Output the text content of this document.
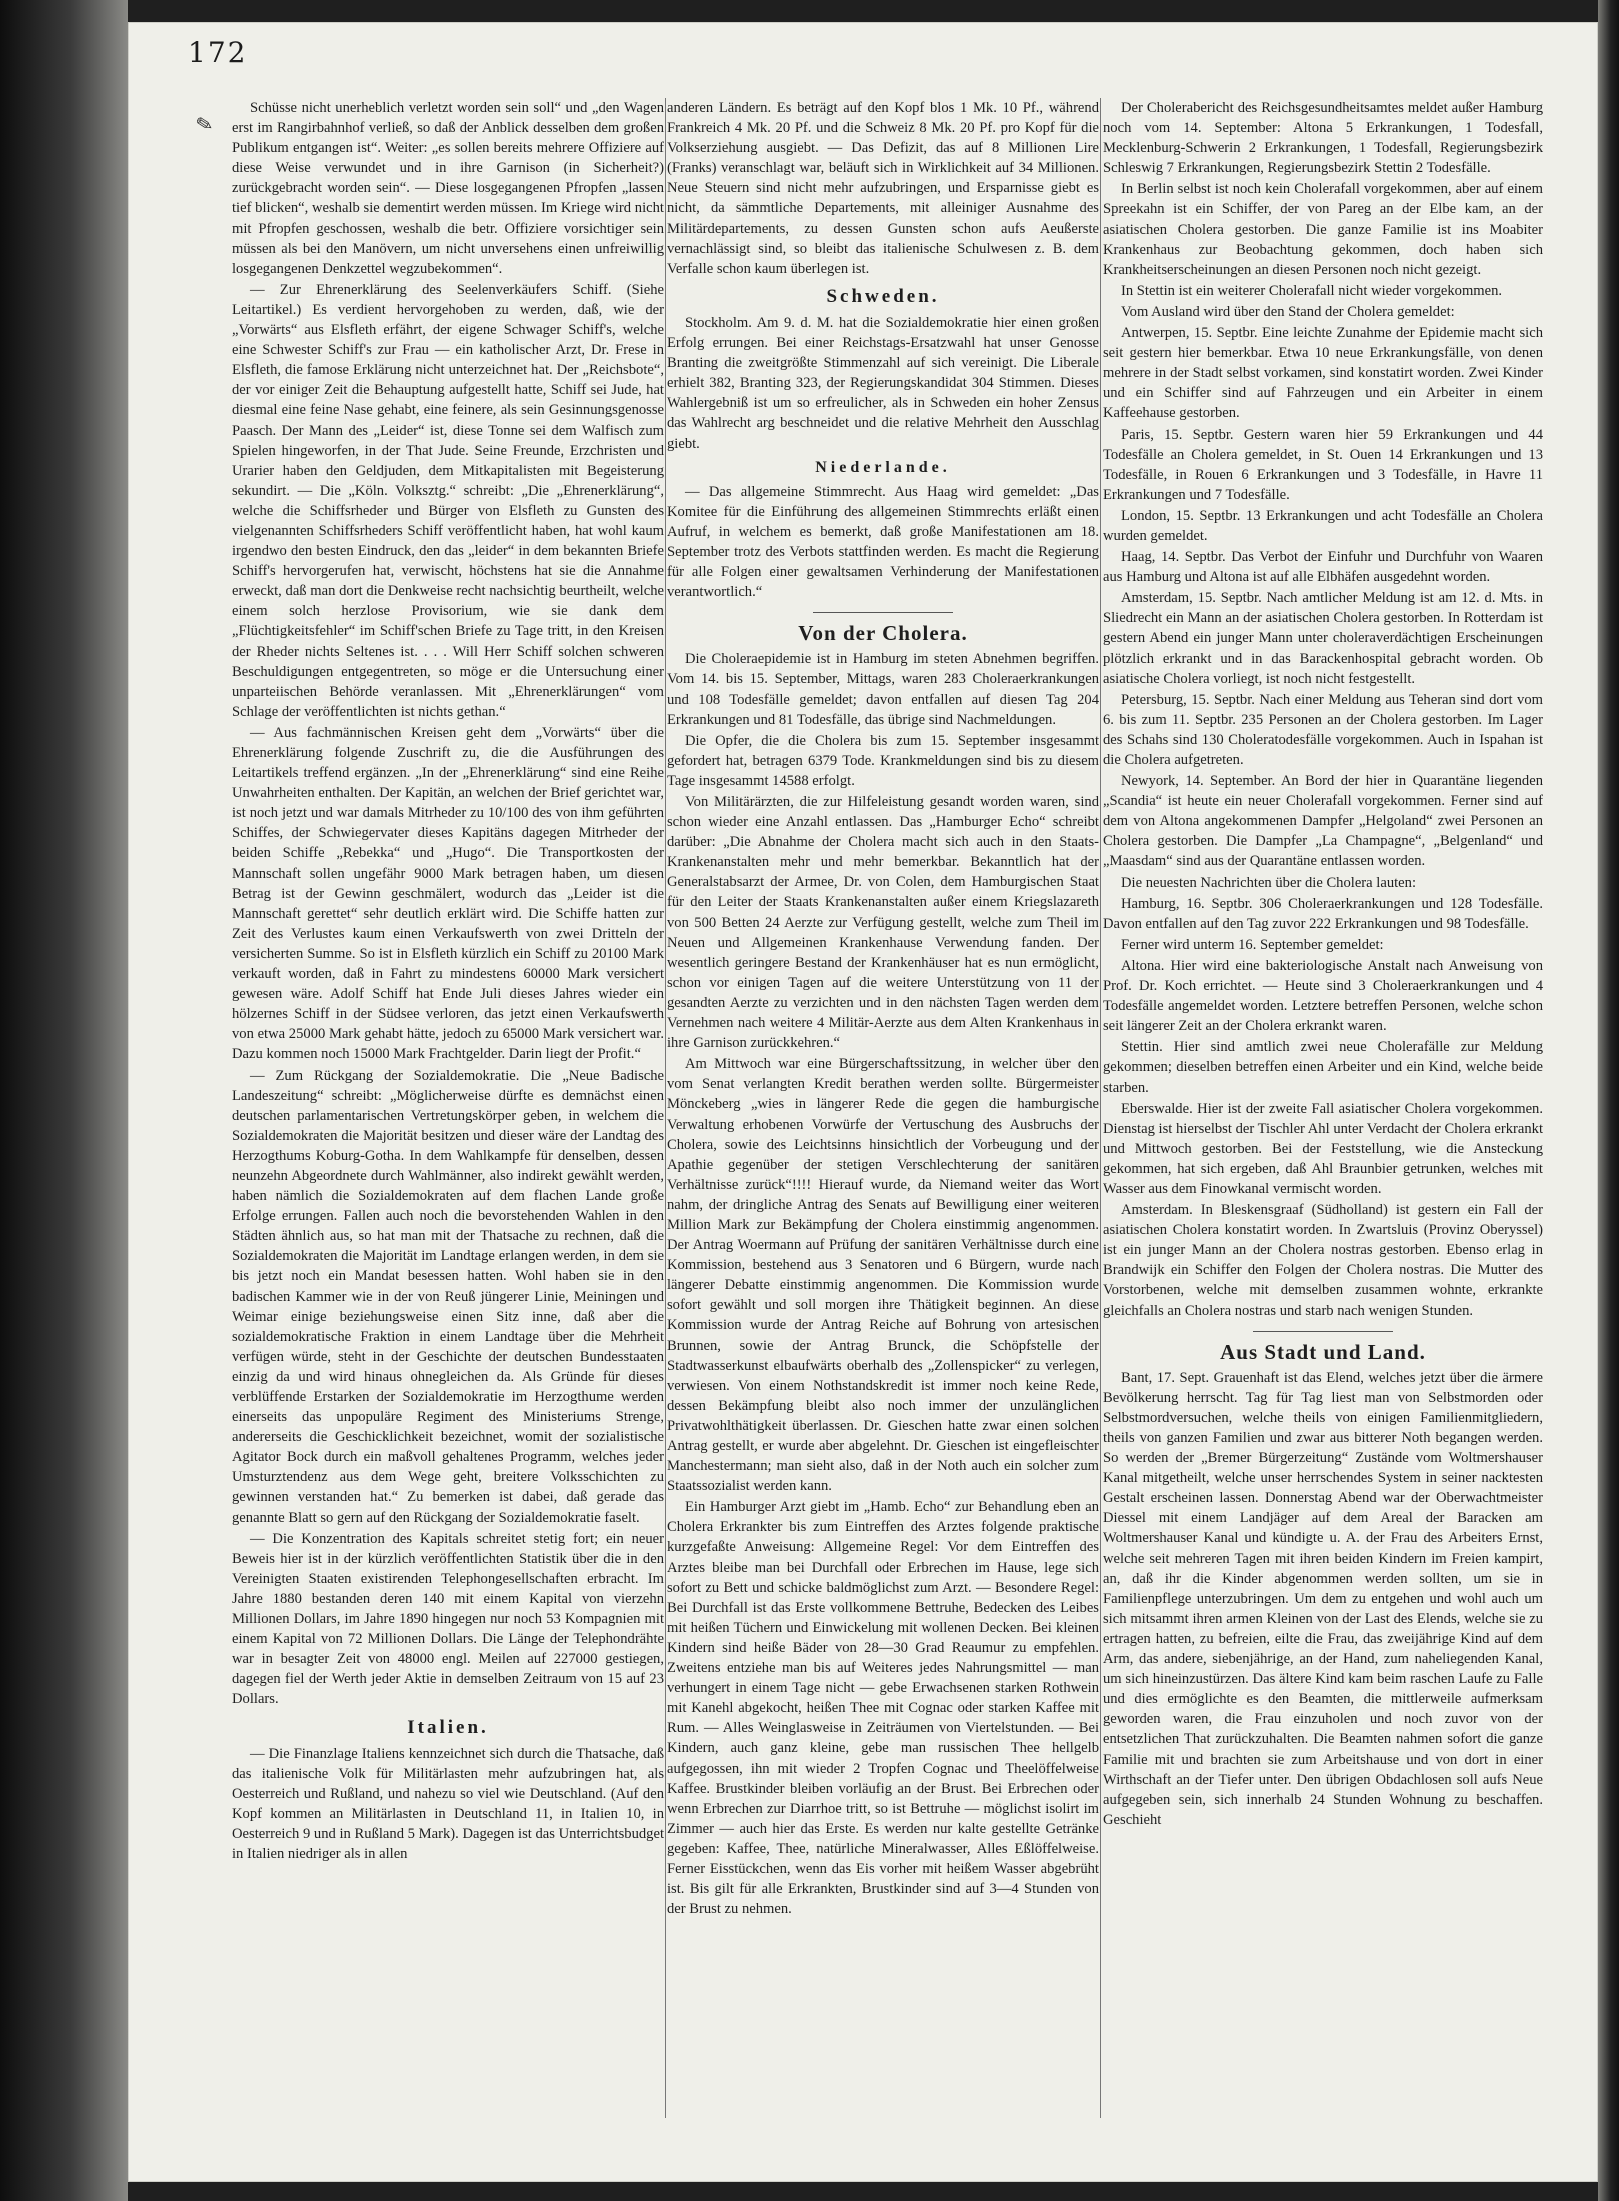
✎
172

Schüsse nicht unerheblich verletzt worden sein soll“ und „den Wagen erst im Rangirbahnhof verließ, so daß der Anblick desselben dem großen Publikum entgangen ist“. Weiter: „es sollen bereits mehrere Offiziere auf diese Weise verwundet und in ihre Garnison (in Sicherheit?) zurückgebracht worden sein“. — Diese losgegangenen Pfropfen „lassen tief blicken“, weshalb sie dementirt werden müssen. Im Kriege wird nicht mit Pfropfen geschossen, weshalb die betr. Offiziere vorsichtiger sein müssen als bei den Manövern, um nicht unversehens einen unfreiwillig losgegangenen Denkzettel wegzubekommen“.

— Zur Ehrenerklärung des Seelenverkäufers Schiff. (Siehe Leitartikel.) Es verdient hervorgehoben zu werden, daß, wie der „Vorwärts“ aus Elsfleth erfährt, der eigene Schwager Schiff's, welche eine Schwester Schiff's zur Frau — ein katholischer Arzt, Dr. Frese in Elsfleth, die famose Erklärung nicht unterzeichnet hat. Der „Reichsbote“, der vor einiger Zeit die Behauptung aufgestellt hatte, Schiff sei Jude, hat diesmal eine feine Nase gehabt, eine feinere, als sein Gesinnungsgenosse Paasch. Der Mann des „Leider“ ist, diese Tonne sei dem Walfisch zum Spielen hingeworfen, in der That Jude. Seine Freunde, Erzchristen und Urarier haben den Geldjuden, dem Mitkapitalisten mit Begeisterung sekundirt. — Die „Köln. Volksztg.“ schreibt: „Die „Ehrenerklärung“, welche die Schiffsrheder und Bürger von Elsfleth zu Gunsten des vielgenannten Schiffsrheders Schiff veröffentlicht haben, hat wohl kaum irgendwo den besten Eindruck, den das „leider“ in dem bekannten Briefe Schiff's hervorgerufen hat, verwischt, höchstens hat sie die Annahme erweckt, daß man dort die Denkweise recht nachsichtig beurtheilt, welche einem solch herzlose Provisorium, wie sie dank dem „Flüchtigkeitsfehler“ im Schiff'schen Briefe zu Tage tritt, in den Kreisen der Rheder nichts Seltenes ist. . . . Will Herr Schiff solchen schweren Beschuldigungen entgegentreten, so möge er die Untersuchung einer unparteiischen Behörde veranlassen. Mit „Ehrenerklärungen“ vom Schlage der veröffentlichten ist nichts gethan.“

— Aus fachmännischen Kreisen geht dem „Vorwärts“ über die Ehrenerklärung folgende Zuschrift zu, die die Ausführungen des Leitartikels treffend ergänzen. „In der „Ehrenerklärung“ sind eine Reihe Unwahrheiten enthalten. Der Kapitän, an welchen der Brief gerichtet war, ist noch jetzt und war damals Mitrheder zu 10/100 des von ihm geführten Schiffes, der Schwiegervater dieses Kapitäns dagegen Mitrheder der beiden Schiffe „Rebekka“ und „Hugo“. Die Transportkosten der Mannschaft sollen ungefähr 9000 Mark betragen haben, um diesen Betrag ist der Gewinn geschmälert, wodurch das „Leider ist die Mannschaft gerettet“ sehr deutlich erklärt wird. Die Schiffe hatten zur Zeit des Verlustes kaum einen Verkaufswerth von zwei Dritteln der versicherten Summe. So ist in Elsfleth kürzlich ein Schiff zu 20100 Mark verkauft worden, daß in Fahrt zu mindestens 60000 Mark versichert gewesen wäre. Adolf Schiff hat Ende Juli dieses Jahres wieder ein hölzernes Schiff in der Südsee verloren, das jetzt einen Verkaufswerth von etwa 25000 Mark gehabt hätte, jedoch zu 65000 Mark versichert war. Dazu kommen noch 15000 Mark Frachtgelder. Darin liegt der Profit.“

— Zum Rückgang der Sozialdemokratie. Die „Neue Badische Landeszeitung“ schreibt: „Möglicherweise dürfte es demnächst einen deutschen parlamentarischen Vertretungskörper geben, in welchem die Sozialdemokraten die Majorität besitzen und dieser wäre der Landtag des Herzogthums Koburg-Gotha. In dem Wahlkampfe für denselben, dessen neunzehn Abgeordnete durch Wahlmänner, also indirekt gewählt werden, haben nämlich die Sozialdemokraten auf dem flachen Lande große Erfolge errungen. Fallen auch noch die bevorstehenden Wahlen in den Städten ähnlich aus, so hat man mit der Thatsache zu rechnen, daß die Sozialdemokraten die Majorität im Landtage erlangen werden, in dem sie bis jetzt noch ein Mandat besessen hatten. Wohl haben sie in den badischen Kammer wie in der von Reuß jüngerer Linie, Meiningen und Weimar einige beziehungsweise einen Sitz inne, daß aber die sozialdemokratische Fraktion in einem Landtage über die Mehrheit verfügen würde, steht in der Geschichte der deutschen Bundesstaaten einzig da und wird hinaus ohnegleichen da. Als Gründe für dieses verblüffende Erstarken der Sozialdemokratie im Herzogthume werden einerseits das unpopuläre Regiment des Ministeriums Strenge, andererseits die Geschicklichkeit bezeichnet, womit der sozialistische Agitator Bock durch ein maßvoll gehaltenes Programm, welches jeder Umsturztendenz aus dem Wege geht, breitere Volksschichten zu gewinnen verstanden hat.“ Zu bemerken ist dabei, daß gerade das genannte Blatt so gern auf den Rückgang der Sozialdemokratie faselt.

— Die Konzentration des Kapitals schreitet stetig fort; ein neuer Beweis hier ist in der kürzlich veröffentlichten Statistik über die in den Vereinigten Staaten existirenden Telephongesellschaften erbracht. Im Jahre 1880 bestanden deren 140 mit einem Kapital von vierzehn Millionen Dollars, im Jahre 1890 hingegen nur noch 53 Kompagnien mit einem Kapital von 72 Millionen Dollars. Die Länge der Telephondrähte war in besagter Zeit von 48000 engl. Meilen auf 227000 gestiegen, dagegen fiel der Werth jeder Aktie in demselben Zeitraum von 15 auf 23 Dollars.

Italien.

— Die Finanzlage Italiens kennzeichnet sich durch die Thatsache, daß das italienische Volk für Militärlasten mehr aufzubringen hat, als Oesterreich und Rußland, und nahezu so viel wie Deutschland. (Auf den Kopf kommen an Militärlasten in Deutschland 11, in Italien 10, in Oesterreich 9 und in Rußland 5 Mark). Dagegen ist das Unterrichtsbudget in Italien niedriger als in allen

anderen Ländern. Es beträgt auf den Kopf blos 1 Mk. 10 Pf., während Frankreich 4 Mk. 20 Pf. und die Schweiz 8 Mk. 20 Pf. pro Kopf für die Volkserziehung ausgiebt. — Das Defizit, das auf 8 Millionen Lire (Franks) veranschlagt war, beläuft sich in Wirklichkeit auf 34 Millionen. Neue Steuern sind nicht mehr aufzubringen, und Ersparnisse giebt es nicht, da sämmtliche Departements, mit alleiniger Ausnahme des Militärdepartements, zu dessen Gunsten schon aufs Aeußerste vernachlässigt sind, so bleibt das italienische Schulwesen z. B. dem Verfalle schon kaum überlegen ist.

Schweden.

Stockholm. Am 9. d. M. hat die Sozialdemokratie hier einen großen Erfolg errungen. Bei einer Reichstags-Ersatzwahl hat unser Genosse Branting die zweitgrößte Stimmenzahl auf sich vereinigt. Die Liberale erhielt 382, Branting 323, der Regierungskandidat 304 Stimmen. Dieses Wahlergebniß ist um so erfreulicher, als in Schweden ein hoher Zensus das Wahlrecht arg beschneidet und die relative Mehrheit den Ausschlag giebt.

Niederlande.

— Das allgemeine Stimmrecht. Aus Haag wird gemeldet: „Das Komitee für die Einführung des allgemeinen Stimmrechts erläßt einen Aufruf, in welchem es bemerkt, daß große Manifestationen am 18. September trotz des Verbots stattfinden werden. Es macht die Regierung für alle Folgen einer gewaltsamen Verhinderung der Manifestationen verantwortlich.“

Von der Cholera.

Die Choleraepidemie ist in Hamburg im steten Abnehmen begriffen. Vom 14. bis 15. September, Mittags, waren 283 Choleraerkrankungen und 108 Todesfälle gemeldet; davon entfallen auf diesen Tag 204 Erkrankungen und 81 Todesfälle, das übrige sind Nachmeldungen.

Die Opfer, die die Cholera bis zum 15. September insgesammt gefordert hat, betragen 6379 Tode. Krankmeldungen sind bis zu diesem Tage insgesammt 14588 erfolgt.

Von Militärärzten, die zur Hilfeleistung gesandt worden waren, sind schon wieder eine Anzahl entlassen. Das „Hamburger Echo“ schreibt darüber: „Die Abnahme der Cholera macht sich auch in den Staats-Krankenanstalten mehr und mehr bemerkbar. Bekanntlich hat der Generalstabsarzt der Armee, Dr. von Colen, dem Hamburgischen Staat für den Leiter der Staats Krankenanstalten außer einem Kriegslazareth von 500 Betten 24 Aerzte zur Verfügung gestellt, welche zum Theil im Neuen und Allgemeinen Krankenhause Verwendung fanden. Der wesentlich geringere Bestand der Krankenhäuser hat es nun ermöglicht, schon vor einigen Tagen auf die weitere Unterstützung von 11 der gesandten Aerzte zu verzichten und in den nächsten Tagen werden dem Vernehmen nach weitere 4 Militär-Aerzte aus dem Alten Krankenhaus in ihre Garnison zurückkehren.“

Am Mittwoch war eine Bürgerschaftssitzung, in welcher über den vom Senat verlangten Kredit berathen werden sollte. Bürgermeister Mönckeberg „wies in längerer Rede die gegen die hamburgische Verwaltung erhobenen Vorwürfe der Vertuschung des Ausbruchs der Cholera, sowie des Leichtsinns hinsichtlich der Vorbeugung und der Apathie gegenüber der stetigen Verschlechterung der sanitären Verhältnisse zurück“!!!! Hierauf wurde, da Niemand weiter das Wort nahm, der dringliche Antrag des Senats auf Bewilligung einer weiteren Million Mark zur Bekämpfung der Cholera einstimmig angenommen. Der Antrag Woermann auf Prüfung der sanitären Verhältnisse durch eine Kommission, bestehend aus 3 Senatoren und 6 Bürgern, wurde nach längerer Debatte einstimmig angenommen. Die Kommission wurde sofort gewählt und soll morgen ihre Thätigkeit beginnen. An diese Kommission wurde der Antrag Reiche auf Bohrung von artesischen Brunnen, sowie der Antrag Brunck, die Schöpfstelle der Stadtwasserkunst elbaufwärts oberhalb des „Zollenspicker“ zu verlegen, verwiesen. Von einem Nothstandskredit ist immer noch keine Rede, dessen Bekämpfung bleibt also noch immer der unzulänglichen Privatwohlthätigkeit überlassen. Dr. Gieschen hatte zwar einen solchen Antrag gestellt, er wurde aber abgelehnt. Dr. Gieschen ist eingefleischter Manchestermann; man sieht also, daß in der Noth auch ein solcher zum Staatssozialist werden kann.

Ein Hamburger Arzt giebt im „Hamb. Echo“ zur Behandlung eben an Cholera Erkrankter bis zum Eintreffen des Arztes folgende praktische kurzgefaßte Anweisung: Allgemeine Regel: Vor dem Eintreffen des Arztes bleibe man bei Durchfall oder Erbrechen im Hause, lege sich sofort zu Bett und schicke baldmöglichst zum Arzt. — Besondere Regel: Bei Durchfall ist das Erste vollkommene Bettruhe, Bedecken des Leibes mit heißen Tüchern und Einwickelung mit wollenen Decken. Bei kleinen Kindern sind heiße Bäder von 28—30 Grad Reaumur zu empfehlen. Zweitens entziehe man bis auf Weiteres jedes Nahrungsmittel — man verhungert in einem Tage nicht — gebe Erwachsenen starken Rothwein mit Kanehl abgekocht, heißen Thee mit Cognac oder starken Kaffee mit Rum. — Alles Weinglasweise in Zeiträumen von Viertelstunden. — Bei Kindern, auch ganz kleine, gebe man russischen Thee hellgelb aufgegossen, ihn mit wieder 2 Tropfen Cognac und Theelöffelweise Kaffee. Brustkinder bleiben vorläufig an der Brust. Bei Erbrechen oder wenn Erbrechen zur Diarrhoe tritt, so ist Bettruhe — möglichst isolirt im Zimmer — auch hier das Erste. Es werden nur kalte gestellte Getränke gegeben: Kaffee, Thee, natürliche Mineralwasser, Alles Eßlöffelweise. Ferner Eisstückchen, wenn das Eis vorher mit heißem Wasser abgebrüht ist. Bis gilt für alle Erkrankten, Brustkinder sind auf 3—4 Stunden von der Brust zu nehmen.

Der Cholerabericht des Reichsgesundheitsamtes meldet außer Hamburg noch vom 14. September: Altona 5 Erkrankungen, 1 Todesfall, Mecklenburg-Schwerin 2 Erkrankungen, 1 Todesfall, Regierungsbezirk Schleswig 7 Erkrankungen, Regierungsbezirk Stettin 2 Todesfälle.

In Berlin selbst ist noch kein Cholerafall vorgekommen, aber auf einem Spreekahn ist ein Schiffer, der von Pareg an der Elbe kam, an der asiatischen Cholera gestorben. Die ganze Familie ist ins Moabiter Krankenhaus zur Beobachtung gekommen, doch haben sich Krankheitserscheinungen an diesen Personen noch nicht gezeigt.

In Stettin ist ein weiterer Cholerafall nicht wieder vorgekommen.

Vom Ausland wird über den Stand der Cholera gemeldet:

Antwerpen, 15. Septbr. Eine leichte Zunahme der Epidemie macht sich seit gestern hier bemerkbar. Etwa 10 neue Erkrankungsfälle, von denen mehrere in der Stadt selbst vorkamen, sind konstatirt worden. Zwei Kinder und ein Schiffer sind auf Fahrzeugen und ein Arbeiter in einem Kaffeehause gestorben.

Paris, 15. Septbr. Gestern waren hier 59 Erkrankungen und 44 Todesfälle an Cholera gemeldet, in St. Ouen 14 Erkrankungen und 13 Todesfälle, in Rouen 6 Erkrankungen und 3 Todesfälle, in Havre 11 Erkrankungen und 7 Todesfälle.

London, 15. Septbr. 13 Erkrankungen und acht Todesfälle an Cholera wurden gemeldet.

Haag, 14. Septbr. Das Verbot der Einfuhr und Durchfuhr von Waaren aus Hamburg und Altona ist auf alle Elbhäfen ausgedehnt worden.

Amsterdam, 15. Septbr. Nach amtlicher Meldung ist am 12. d. Mts. in Sliedrecht ein Mann an der asiatischen Cholera gestorben. In Rotterdam ist gestern Abend ein junger Mann unter choleraverdächtigen Erscheinungen plötzlich erkrankt und in das Barackenhospital gebracht worden. Ob asiatische Cholera vorliegt, ist noch nicht festgestellt.

Petersburg, 15. Septbr. Nach einer Meldung aus Teheran sind dort vom 6. bis zum 11. Septbr. 235 Personen an der Cholera gestorben. Im Lager des Schahs sind 130 Choleratodesfälle vorgekommen. Auch in Ispahan ist die Cholera aufgetreten.

Newyork, 14. September. An Bord der hier in Quarantäne liegenden „Scandia“ ist heute ein neuer Cholerafall vorgekommen. Ferner sind auf dem von Altona angekommenen Dampfer „Helgoland“ zwei Personen an Cholera gestorben. Die Dampfer „La Champagne“, „Belgenland“ und „Maasdam“ sind aus der Quarantäne entlassen worden.

Die neuesten Nachrichten über die Cholera lauten:

Hamburg, 16. Septbr. 306 Choleraerkrankungen und 128 Todesfälle. Davon entfallen auf den Tag zuvor 222 Erkrankungen und 98 Todesfälle.

Ferner wird unterm 16. September gemeldet:

Altona. Hier wird eine bakteriologische Anstalt nach Anweisung von Prof. Dr. Koch errichtet. — Heute sind 3 Choleraerkrankungen und 4 Todesfälle angemeldet worden. Letztere betreffen Personen, welche schon seit längerer Zeit an der Cholera erkrankt waren.

Stettin. Hier sind amtlich zwei neue Cholerafälle zur Meldung gekommen; dieselben betreffen einen Arbeiter und ein Kind, welche beide starben.

Eberswalde. Hier ist der zweite Fall asiatischer Cholera vorgekommen. Dienstag ist hierselbst der Tischler Ahl unter Verdacht der Cholera erkrankt und Mittwoch gestorben. Bei der Feststellung, wie die Ansteckung gekommen, hat sich ergeben, daß Ahl Braunbier getrunken, welches mit Wasser aus dem Finowkanal vermischt worden.

Amsterdam. In Bleskensgraaf (Südholland) ist gestern ein Fall der asiatischen Cholera konstatirt worden. In Zwartsluis (Provinz Oberyssel) ist ein junger Mann an der Cholera nostras gestorben. Ebenso erlag in Brandwijk ein Schiffer den Folgen der Cholera nostras. Die Mutter des Vorstorbenen, welche mit demselben zusammen wohnte, erkrankte gleichfalls an Cholera nostras und starb nach wenigen Stunden.

Aus Stadt und Land.

Bant, 17. Sept. Grauenhaft ist das Elend, welches jetzt über die ärmere Bevölkerung herrscht. Tag für Tag liest man von Selbstmorden oder Selbstmordversuchen, welche theils von einigen Familienmitgliedern, theils von ganzen Familien und zwar aus bitterer Noth begangen werden. So werden der „Bremer Bürgerzeitung“ Zustände vom Woltmershauser Kanal mitgetheilt, welche unser herrschendes System in seiner nacktesten Gestalt erscheinen lassen. Donnerstag Abend war der Oberwachtmeister Diessel mit einem Landjäger auf dem Areal der Baracken am Woltmershauser Kanal und kündigte u. A. der Frau des Arbeiters Ernst, welche seit mehreren Tagen mit ihren beiden Kindern im Freien kampirt, an, daß ihr die Kinder abgenommen werden sollten, um sie in Familienpflege unterzubringen. Um dem zu entgehen und wohl auch um sich mitsammt ihren armen Kleinen von der Last des Elends, welche sie zu ertragen hatten, zu befreien, eilte die Frau, das zweijährige Kind auf dem Arm, das andere, siebenjährige, an der Hand, zum naheliegenden Kanal, um sich hineinzustürzen. Das ältere Kind kam beim raschen Laufe zu Falle und dies ermöglichte es den Beamten, die mittlerweile aufmerksam geworden waren, die Frau einzuholen und noch zuvor von der entsetzlichen That zurückzuhalten. Die Beamten nahmen sofort die ganze Familie mit und brachten sie zum Arbeitshause und von dort in einer Wirthschaft an der Tiefer unter. Den übrigen Obdachlosen soll aufs Neue aufgegeben sein, sich innerhalb 24 Stunden Wohnung zu beschaffen. Geschieht
